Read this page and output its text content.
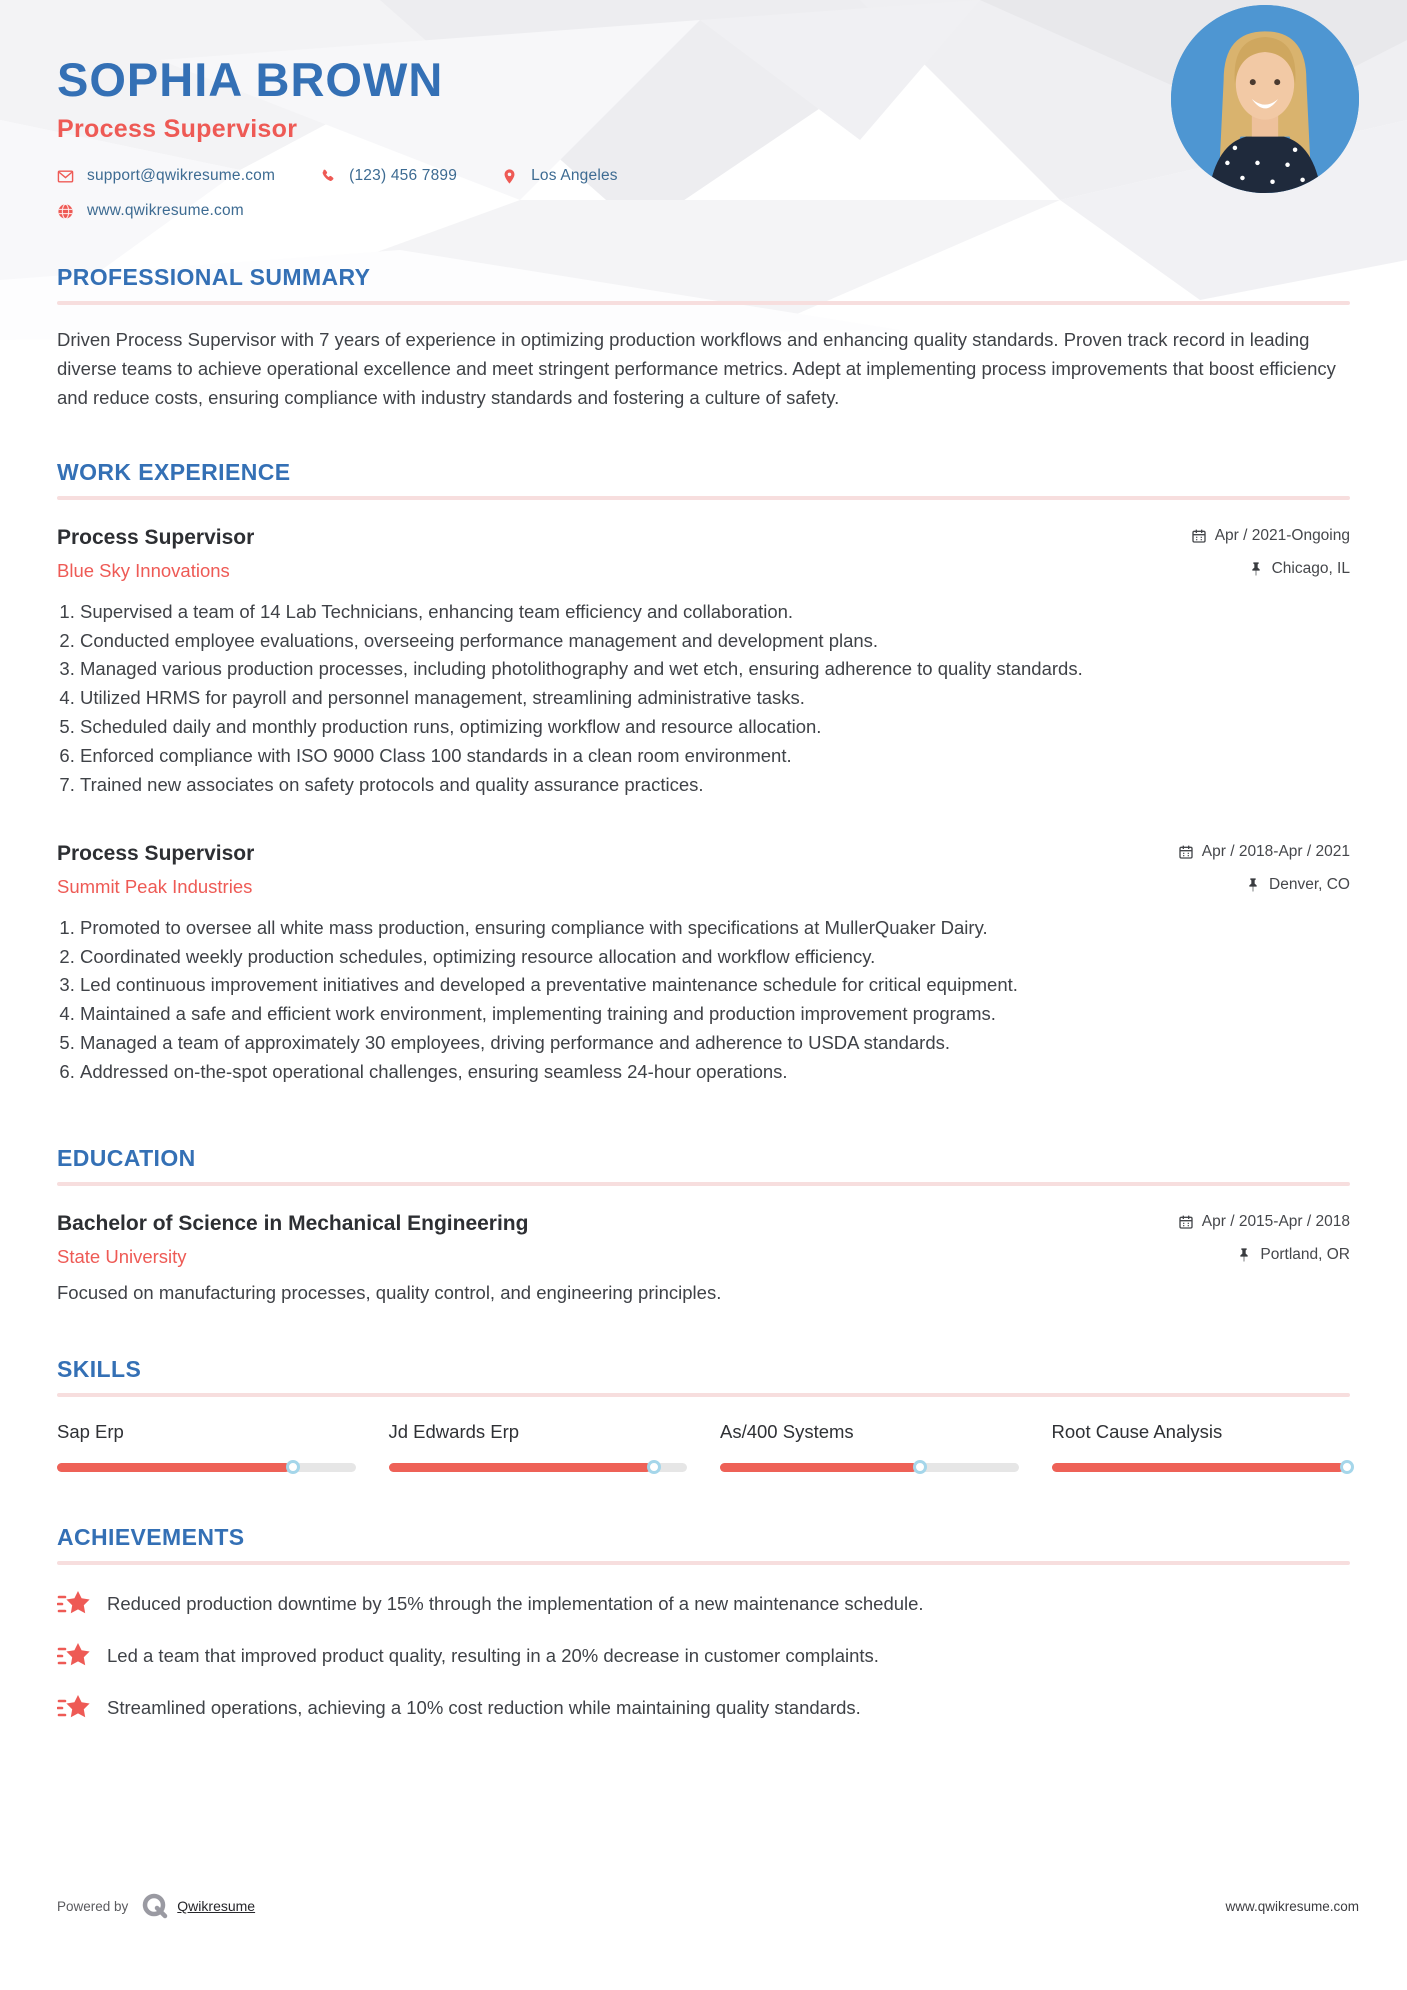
SOPHIA BROWN
Process Supervisor
support@qwikresume.com	(123) 456 7899	Los Angeles
www.qwikresume.com
PROFESSIONAL SUMMARY

Driven Process Supervisor with 7 years of experience in optimizing production workflows and enhancing quality standards. Proven track record in leading diverse teams to achieve operational excellence and meet stringent performance metrics. Adept at implementing process improvements that boost efficiency and reduce costs, ensuring compliance with industry standards and fostering a culture of safety.

WORK EXPERIENCE
Process Supervisor	Apr / 2021-Ongoing
Blue Sky Innovations	Chicago, IL
1. Supervised a team of 14 Lab Technicians, enhancing team efficiency and collaboration.
2. Conducted employee evaluations, overseeing performance management and development plans.
3. Managed various production processes, including photolithography and wet etch, ensuring adherence to quality standards.
4. Utilized HRMS for payroll and personnel management, streamlining administrative tasks.
5. Scheduled daily and monthly production runs, optimizing workflow and resource allocation.
6. Enforced compliance with ISO 9000 Class 100 standards in a clean room environment.
7. Trained new associates on safety protocols and quality assurance practices.
Process Supervisor	Apr / 2018-Apr / 2021
Summit Peak Industries	Denver, CO
1. Promoted to oversee all white mass production, ensuring compliance with specifications at MullerQuaker Dairy.
2. Coordinated weekly production schedules, optimizing resource allocation and workflow efficiency.
3. Led continuous improvement initiatives and developed a preventative maintenance schedule for critical equipment.
4. Maintained a safe and efficient work environment, implementing training and production improvement programs.
5. Managed a team of approximately 30 employees, driving performance and adherence to USDA standards.
6. Addressed on-the-spot operational challenges, ensuring seamless 24-hour operations.
EDUCATION
Bachelor of Science in Mechanical Engineering	Apr / 2015-Apr / 2018
State University	Portland, OR

Focused on manufacturing processes, quality control, and engineering principles.

SKILLS
Sap Erp	Jd Edwards Erp	As/400 Systems	Root Cause Analysis
ACHIEVEMENTS
Reduced production downtime by 15% through the implementation of a new maintenance schedule.
Led a team that improved product quality, resulting in a 20% decrease in customer complaints.
Streamlined operations, achieving a 10% cost reduction while maintaining quality standards.
Powered by	Qwikresume	www.qwikresume.com
